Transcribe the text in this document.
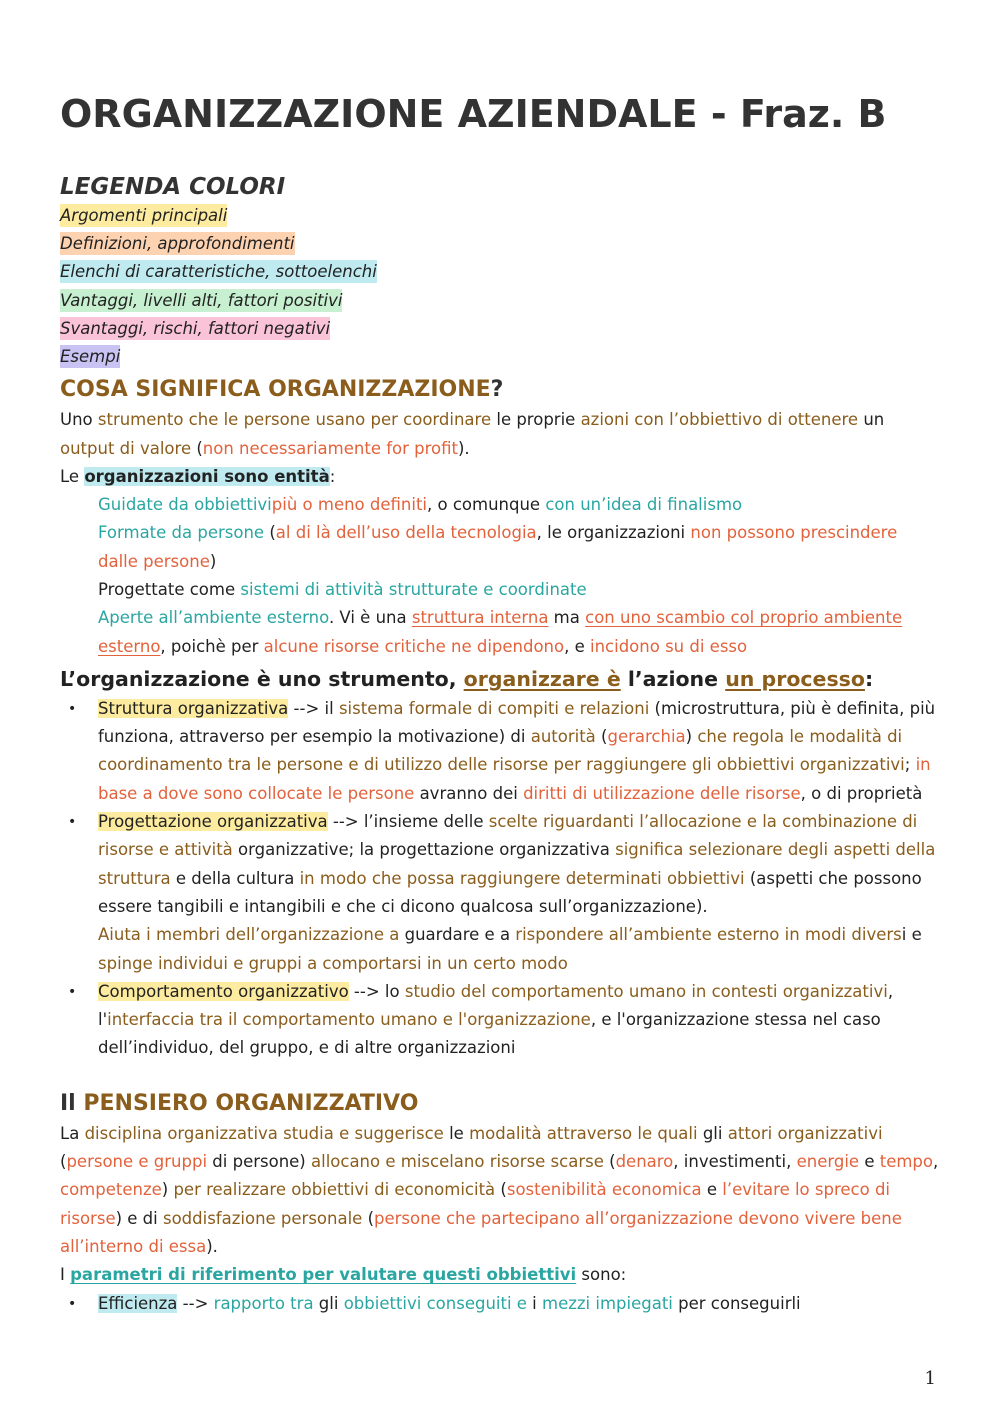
ORGANIZZAZIONE AZIENDALE - Fraz. B
LEGENDA COLORI
Argomenti principali
Definizioni, approfondimenti
Elenchi di caratteristiche, sottoelenchi
Vantaggi, livelli alti, fattori positivi
Svantaggi, rischi, fattori negativi
Esempi
COSA SIGNIFICA ORGANIZZAZIONE?

Uno strumento che le persone usano per coordinare le proprie azioni con l’obbiettivo di ottenere un
output di valore (non necessariamente for profit).

Le organizzazioni sono entità:

Guidate da obbiettivipiù o meno definiti, o comunque con un’idea di finalismo
Formate da persone (al di là dell’uso della tecnologia, le organizzazioni non possono prescindere
dalle persone)
Progettate come sistemi di attività strutturate e coordinate
Aperte all’ambiente esterno. Vi è una struttura interna ma con uno scambio col proprio ambiente
esterno, poichè per alcune risorse critiche ne dipendono, e incidono su di esso
L’organizzazione è uno strumento, organizzare è l’azione un processo:
• Struttura organizzativa --> il sistema formale di compiti e relazioni (microstruttura, più è definita, più
funziona, attraverso per esempio la motivazione) di autorità (gerarchia) che regola le modalità di
coordinamento tra le persone e di utilizzo delle risorse per raggiungere gli obbiettivi organizzativi; in
base a dove sono collocate le persone avranno dei diritti di utilizzazione delle risorse, o di proprietà
• Progettazione organizzativa --> l’insieme delle scelte riguardanti l’allocazione e la combinazione di
risorse e attività organizzative; la progettazione organizzativa significa selezionare degli aspetti della
struttura e della cultura in modo che possa raggiungere determinati obbiettivi (aspetti che possono
essere tangibili e intangibili e che ci dicono qualcosa sull’organizzazione).
Aiuta i membri dell’organizzazione a guardare e a rispondere all’ambiente esterno in modi diversi e
spinge individui e gruppi a comportarsi in un certo modo
• Comportamento organizzativo --> lo studio del comportamento umano in contesti organizzativi,
l'interfaccia tra il comportamento umano e l'organizzazione, e l'organizzazione stessa nel caso
dell’individuo, del gruppo, e di altre organizzazioni
Il PENSIERO ORGANIZZATIVO

La disciplina organizzativa studia e suggerisce le modalità attraverso le quali gli attori organizzativi
(persone e gruppi di persone) allocano e miscelano risorse scarse (denaro, investimenti, energie e tempo,
competenze) per realizzare obbiettivi di economicità (sostenibilità economica e l’evitare lo spreco di
risorse) e di soddisfazione personale (persone che partecipano all’organizzazione devono vivere bene
all’interno di essa).

I parametri di riferimento per valutare questi obbiettivi sono:

• Efficienza --> rapporto tra gli obbiettivi conseguiti e i mezzi impiegati per conseguirli
1
